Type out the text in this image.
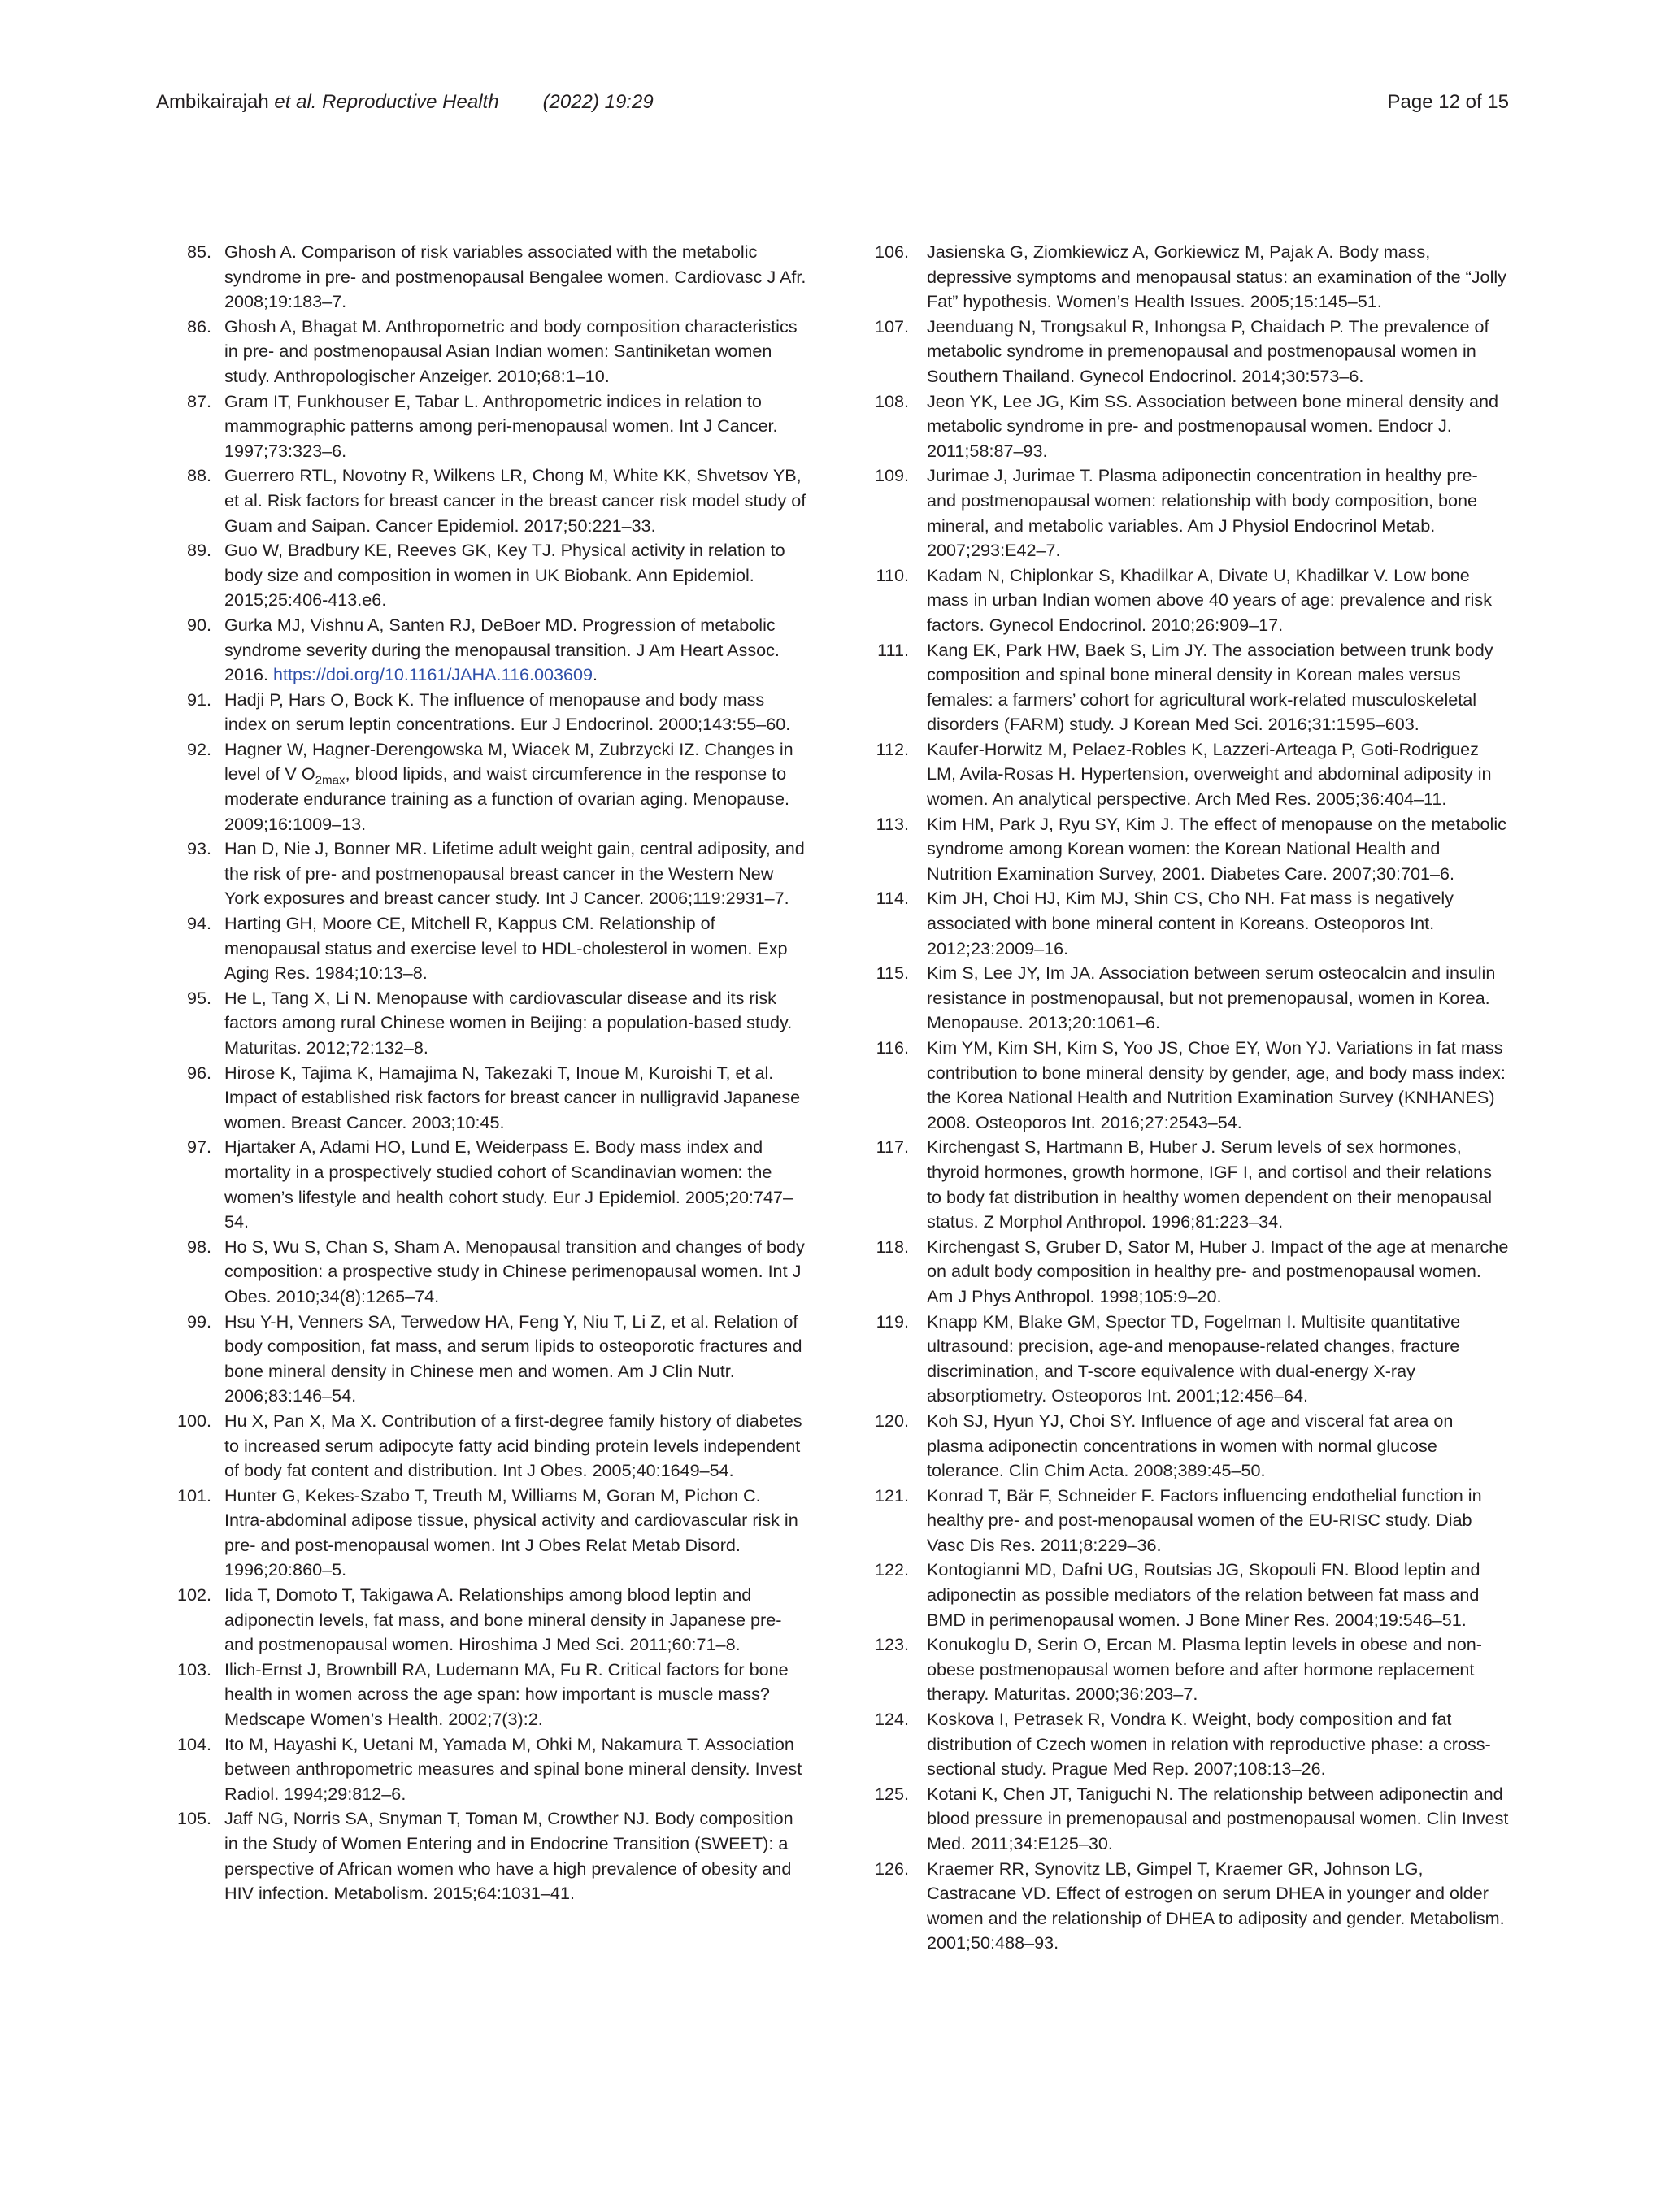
Ambikairajah et al. Reproductive Health (2022) 19:29	Page 12 of 15
85. Ghosh A. Comparison of risk variables associated with the metabolic syndrome in pre- and postmenopausal Bengalee women. Cardiovasc J Afr. 2008;19:183–7.
86. Ghosh A, Bhagat M. Anthropometric and body composition characteristics in pre- and postmenopausal Asian Indian women: Santiniketan women study. Anthropologischer Anzeiger. 2010;68:1–10.
87. Gram IT, Funkhouser E, Tabar L. Anthropometric indices in relation to mammographic patterns among peri-menopausal women. Int J Cancer. 1997;73:323–6.
88. Guerrero RTL, Novotny R, Wilkens LR, Chong M, White KK, Shvetsov YB, et al. Risk factors for breast cancer in the breast cancer risk model study of Guam and Saipan. Cancer Epidemiol. 2017;50:221–33.
89. Guo W, Bradbury KE, Reeves GK, Key TJ. Physical activity in relation to body size and composition in women in UK Biobank. Ann Epidemiol. 2015;25:406-413.e6.
90. Gurka MJ, Vishnu A, Santen RJ, DeBoer MD. Progression of metabolic syndrome severity during the menopausal transition. J Am Heart Assoc. 2016. https://doi.org/10.1161/JAHA.116.003609.
91. Hadji P, Hars O, Bock K. The influence of menopause and body mass index on serum leptin concentrations. Eur J Endocrinol. 2000;143:55–60.
92. Hagner W, Hagner-Derengowska M, Wiacek M, Zubrzycki IZ. Changes in level of V $O_{2max}$, blood lipids, and waist circumference in the response to moderate endurance training as a function of ovarian aging. Menopause. 2009;16:1009–13.
93. Han D, Nie J, Bonner MR. Lifetime adult weight gain, central adiposity, and the risk of pre- and postmenopausal breast cancer in the Western New York exposures and breast cancer study. Int J Cancer. 2006;119:2931–7.
94. Harting GH, Moore CE, Mitchell R, Kappus CM. Relationship of menopausal status and exercise level to HDL-cholesterol in women. Exp Aging Res. 1984;10:13–8.
95. He L, Tang X, Li N. Menopause with cardiovascular disease and its risk factors among rural Chinese women in Beijing: a population-based study. Maturitas. 2012;72:132–8.
96. Hirose K, Tajima K, Hamajima N, Takezaki T, Inoue M, Kuroishi T, et al. Impact of established risk factors for breast cancer in nulligravid Japanese women. Breast Cancer. 2003;10:45.
97. Hjartaker A, Adami HO, Lund E, Weiderpass E. Body mass index and mortality in a prospectively studied cohort of Scandinavian women: the women’s lifestyle and health cohort study. Eur J Epidemiol. 2005;20:747–54.
98. Ho S, Wu S, Chan S, Sham A. Menopausal transition and changes of body composition: a prospective study in Chinese perimenopausal women. Int J Obes. 2010;34(8):1265–74.
99. Hsu Y-H, Venners SA, Terwedow HA, Feng Y, Niu T, Li Z, et al. Relation of body composition, fat mass, and serum lipids to osteoporotic fractures and bone mineral density in Chinese men and women. Am J Clin Nutr. 2006;83:146–54.
100. Hu X, Pan X, Ma X. Contribution of a first-degree family history of diabetes to increased serum adipocyte fatty acid binding protein levels independent of body fat content and distribution. Int J Obes. 2005;40:1649–54.
101. Hunter G, Kekes-Szabo T, Treuth M, Williams M, Goran M, Pichon C. Intra-abdominal adipose tissue, physical activity and cardiovascular risk in pre- and post-menopausal women. Int J Obes Relat Metab Disord. 1996;20:860–5.
102. Iida T, Domoto T, Takigawa A. Relationships among blood leptin and adiponectin levels, fat mass, and bone mineral density in Japanese pre- and postmenopausal women. Hiroshima J Med Sci. 2011;60:71–8.
103. Ilich-Ernst J, Brownbill RA, Ludemann MA, Fu R. Critical factors for bone health in women across the age span: how important is muscle mass? Medscape Women’s Health. 2002;7(3):2.
104. Ito M, Hayashi K, Uetani M, Yamada M, Ohki M, Nakamura T. Association between anthropometric measures and spinal bone mineral density. Invest Radiol. 1994;29:812–6.
105. Jaff NG, Norris SA, Snyman T, Toman M, Crowther NJ. Body composition in the Study of Women Entering and in Endocrine Transition (SWEET): a perspective of African women who have a high prevalence of obesity and HIV infection. Metabolism. 2015;64:1031–41.
106.	Jasienska G, Ziomkiewicz A, Gorkiewicz M, Pajak A. Body mass, depressive symptoms and menopausal status: an examination of the “Jolly Fat” hypothesis. Women’s Health Issues. 2005;15:145–51.
107.	Jeenduang N, Trongsakul R, Inhongsa P, Chaidach P. The prevalence of metabolic syndrome in premenopausal and postmenopausal women in Southern Thailand. Gynecol Endocrinol. 2014;30:573–6.
108.	Jeon YK, Lee JG, Kim SS. Association between bone mineral density and metabolic syndrome in pre- and postmenopausal women. Endocr J. 2011;58:87–93.
109.	Jurimae J, Jurimae T. Plasma adiponectin concentration in healthy pre- and postmenopausal women: relationship with body composition, bone mineral, and metabolic variables. Am J Physiol Endocrinol Metab. 2007;293:E42–7.
110.	Kadam N, Chiplonkar S, Khadilkar A, Divate U, Khadilkar V. Low bone mass in urban Indian women above 40 years of age: prevalence and risk factors. Gynecol Endocrinol. 2010;26:909–17.
111.	Kang EK, Park HW, Baek S, Lim JY. The association between trunk body composition and spinal bone mineral density in Korean males versus females: a farmers’ cohort for agricultural work-related musculoskeletal disorders (FARM) study. J Korean Med Sci. 2016;31:1595–603.
112.	Kaufer-Horwitz M, Pelaez-Robles K, Lazzeri-Arteaga P, Goti-Rodriguez LM, Avila-Rosas H. Hypertension, overweight and abdominal adiposity in women. An analytical perspective. Arch Med Res. 2005;36:404–11.
113.	Kim HM, Park J, Ryu SY, Kim J. The effect of menopause on the metabolic syndrome among Korean women: the Korean National Health and Nutrition Examination Survey, 2001. Diabetes Care. 2007;30:701–6.
114.	Kim JH, Choi HJ, Kim MJ, Shin CS, Cho NH. Fat mass is negatively associated with bone mineral content in Koreans. Osteoporos Int. 2012;23:2009–16.
115.	Kim S, Lee JY, Im JA. Association between serum osteocalcin and insulin resistance in postmenopausal, but not premenopausal, women in Korea. Menopause. 2013;20:1061–6.
116.	Kim YM, Kim SH, Kim S, Yoo JS, Choe EY, Won YJ. Variations in fat mass contribution to bone mineral density by gender, age, and body mass index: the Korea National Health and Nutrition Examination Survey (KNHANES) 2008. Osteoporos Int. 2016;27:2543–54.
117.	Kirchengast S, Hartmann B, Huber J. Serum levels of sex hormones, thyroid hormones, growth hormone, IGF I, and cortisol and their relations to body fat distribution in healthy women dependent on their menopausal status. Z Morphol Anthropol. 1996;81:223–34.
118.	Kirchengast S, Gruber D, Sator M, Huber J. Impact of the age at menarche on adult body composition in healthy pre- and postmenopausal women. Am J Phys Anthropol. 1998;105:9–20.
119.	Knapp KM, Blake GM, Spector TD, Fogelman I. Multisite quantitative ultrasound: precision, age-and menopause-related changes, fracture discrimination, and T-score equivalence with dual-energy X-ray absorptiometry. Osteoporos Int. 2001;12:456–64.
120.	Koh SJ, Hyun YJ, Choi SY. Influence of age and visceral fat area on plasma adiponectin concentrations in women with normal glucose tolerance. Clin Chim Acta. 2008;389:45–50.
121.	Konrad T, Bär F, Schneider F. Factors influencing endothelial function in healthy pre- and post-menopausal women of the EU-RISC study. Diab Vasc Dis Res. 2011;8:229–36.
122.	Kontogianni MD, Dafni UG, Routsias JG, Skopouli FN. Blood leptin and adiponectin as possible mediators of the relation between fat mass and BMD in perimenopausal women. J Bone Miner Res. 2004;19:546–51.
123.	Konukoglu D, Serin O, Ercan M. Plasma leptin levels in obese and non-obese postmenopausal women before and after hormone replacement therapy. Maturitas. 2000;36:203–7.
124.	Koskova I, Petrasek R, Vondra K. Weight, body composition and fat distribution of Czech women in relation with reproductive phase: a cross-sectional study. Prague Med Rep. 2007;108:13–26.
125.	Kotani K, Chen JT, Taniguchi N. The relationship between adiponectin and blood pressure in premenopausal and postmenopausal women. Clin Invest Med. 2011;34:E125–30.
126.	Kraemer RR, Synovitz LB, Gimpel T, Kraemer GR, Johnson LG, Castracane VD. Effect of estrogen on serum DHEA in younger and older women and the relationship of DHEA to adiposity and gender. Metabolism. 2001;50:488–93.
